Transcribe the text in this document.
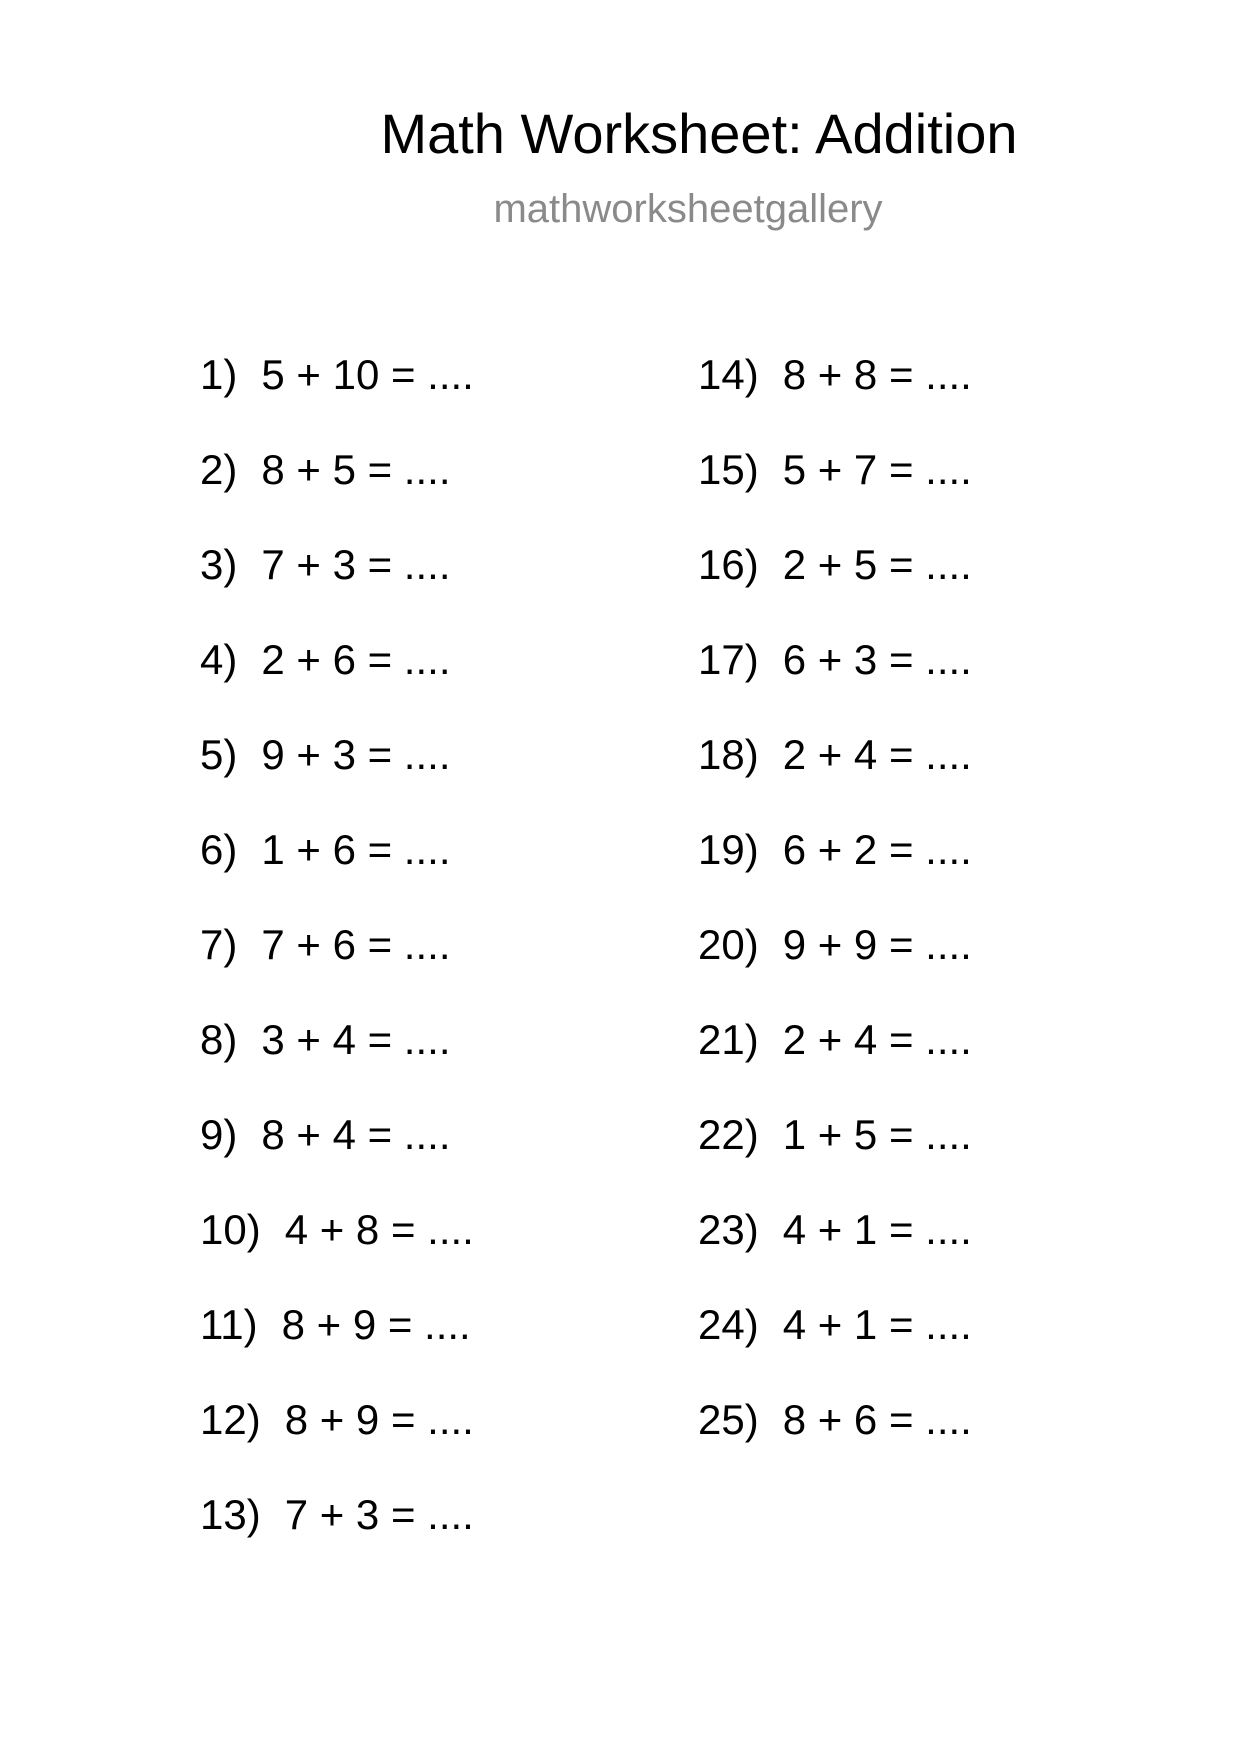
Math Worksheet: Addition
mathworksheetgallery
1) 5 + 10 = ....
2) 8 + 5 = ....
3) 7 + 3 = ....
4) 2 + 6 = ....
5) 9 + 3 = ....
6) 1 + 6 = ....
7) 7 + 6 = ....
8) 3 + 4 = ....
9) 8 + 4 = ....
10) 4 + 8 = ....
11) 8 + 9 = ....
12) 8 + 9 = ....
13) 7 + 3 = ....
14) 8 + 8 = ....
15) 5 + 7 = ....
16) 2 + 5 = ....
17) 6 + 3 = ....
18) 2 + 4 = ....
19) 6 + 2 = ....
20) 9 + 9 = ....
21) 2 + 4 = ....
22) 1 + 5 = ....
23) 4 + 1 = ....
24) 4 + 1 = ....
25) 8 + 6 = ....
